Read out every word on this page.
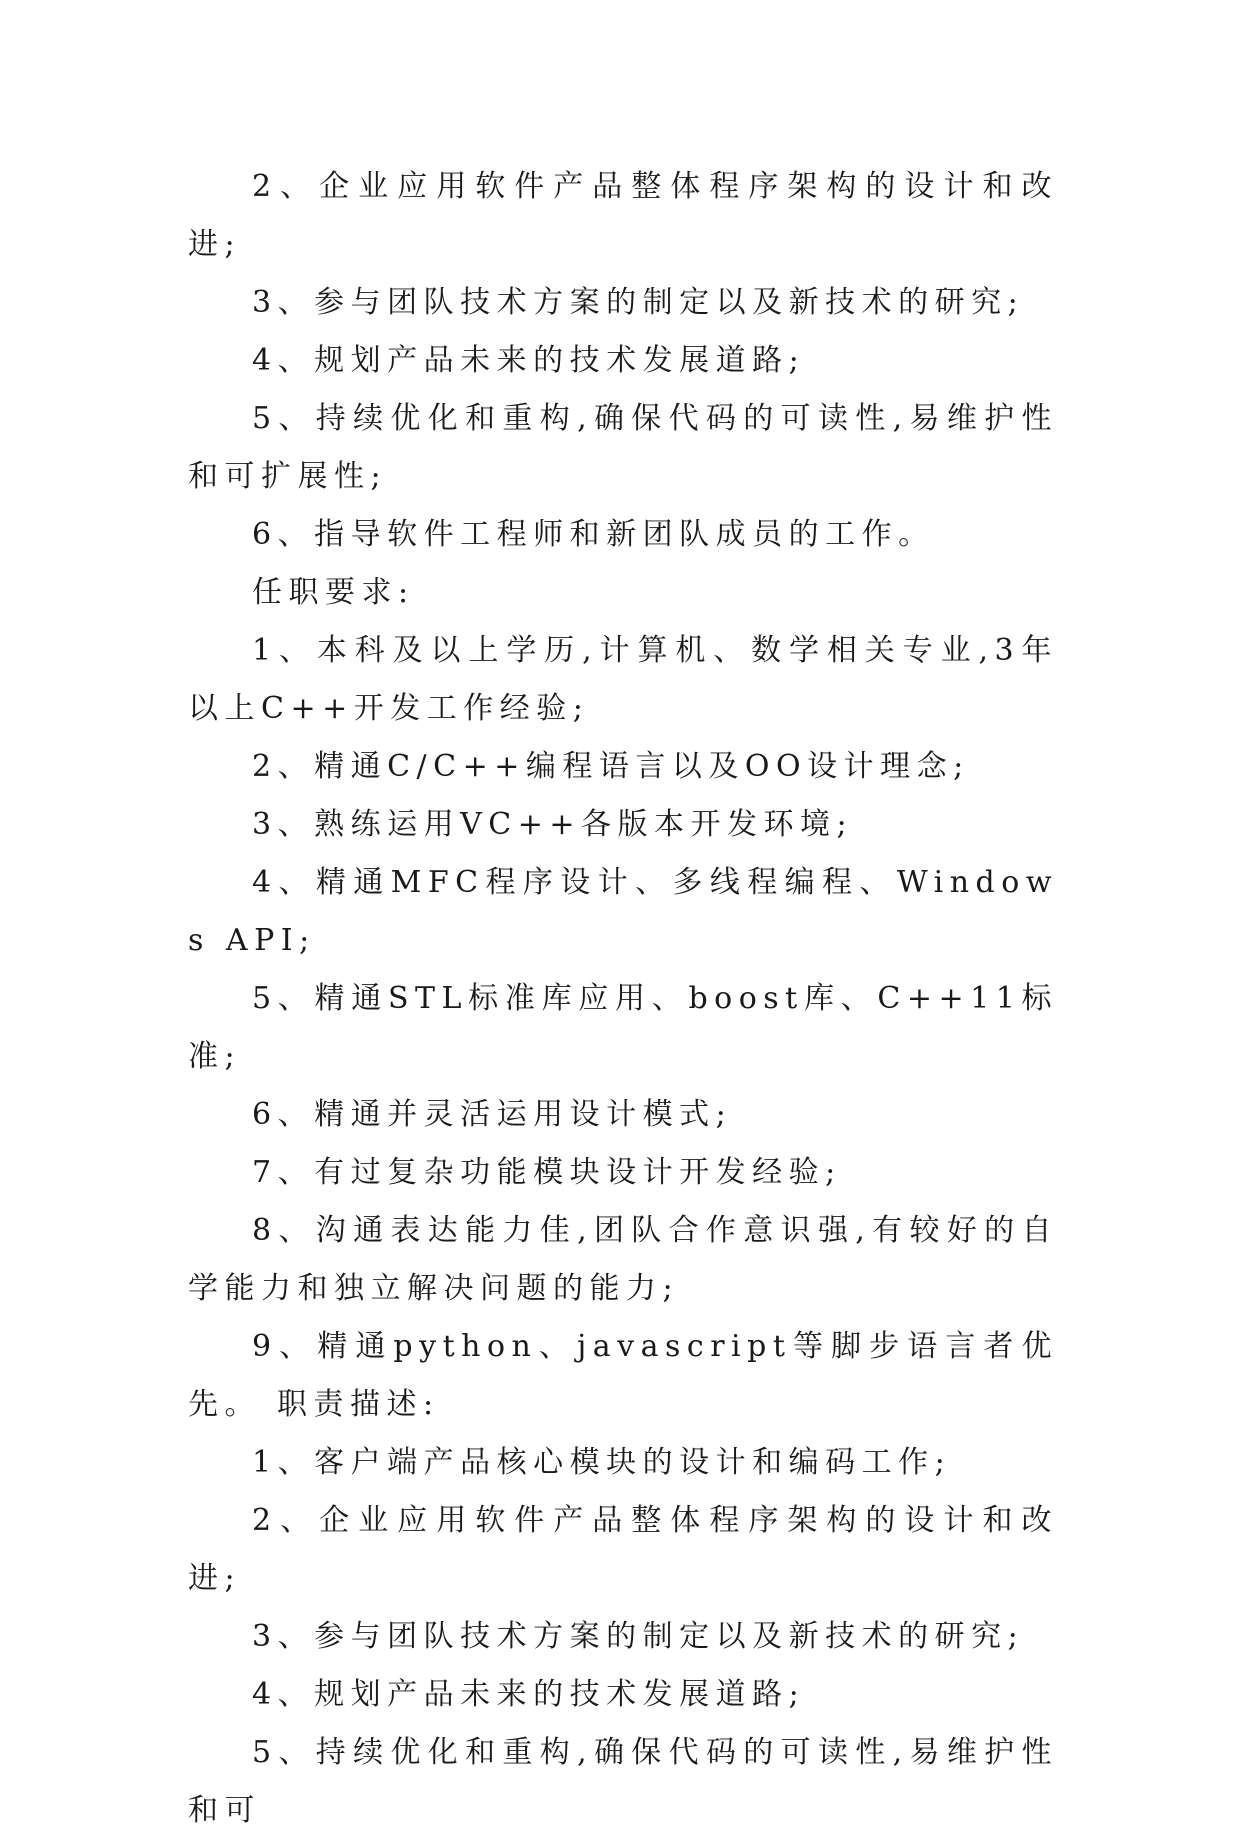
2、企业应用软件产品整体程序架构的设计和改进;

3、参与团队技术方案的制定以及新技术的研究;

4、规划产品未来的技术发展道路;

5、持续优化和重构,确保代码的可读性,易维护性和可扩展性;

6、指导软件工程师和新团队成员的工作。

任职要求:

1、本科及以上学历,计算机、数学相关专业,3年以上C++开发工作经验;

2、精通C/C++编程语言以及OO设计理念;

3、熟练运用VC++各版本开发环境;

4、精通MFC程序设计、多线程编程、Windows API;

5、精通STL标准库应用、boost库、C++11标准;

6、精通并灵活运用设计模式;

7、有过复杂功能模块设计开发经验;

8、沟通表达能力佳,团队合作意识强,有较好的自学能力和独立解决问题的能力;

9、精通python、javascript等脚步语言者优先。 职责描述:

1、客户端产品核心模块的设计和编码工作;

2、企业应用软件产品整体程序架构的设计和改进;

3、参与团队技术方案的制定以及新技术的研究;

4、规划产品未来的技术发展道路;

5、持续优化和重构,确保代码的可读性,易维护性和可
